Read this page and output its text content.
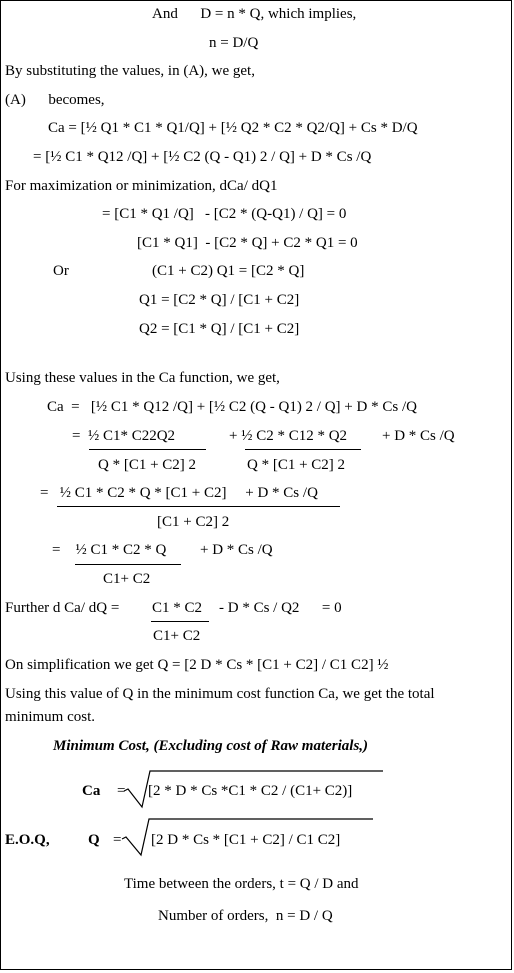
And      D = n * Q, which implies,
n = D/Q
By substituting the values, in (A), we get,
(A)      becomes,
Ca = [½ Q1 * C1 * Q1/Q] + [½ Q2 * C2 * Q2/Q] + Cs * D/Q
= [½ C1 * Q12 /Q] + [½ C2 (Q - Q1) 2 / Q] + D * Cs /Q
For maximization or minimization, dCa/ dQ1
= [C1 * Q1 /Q]   - [C2 * (Q-Q1) / Q] = 0
[C1 * Q1]  - [C2 * Q] + C2 * Q1 = 0
Or	(C1 + C2) Q1 = [C2 * Q]
Q1 = [C2 * Q] / [C1 + C2]
Q2 = [C1 * Q] / [C1 + C2]
Using these values in the Ca function, we get,
Ca  =   [½ C1 * Q12 /Q] + [½ C2 (Q - Q1) 2 / Q] + D * Cs /Q
=  ½ C1* C22Q2	+ ½ C2 * C12 * Q2 + D * Cs /Q
Q * [C1 + C2] 2	Q * [C1 + C2] 2
=   ½ C1 * C2 * Q * [C1 + C2]     + D * Cs /Q
[C1 + C2] 2
=    ½ C1 * C2 * Q + D * Cs /Q
C1+ C2
Further d Ca/ dQ = C1 * C2 - D * Cs / Q2      = 0
C1+ C2
On simplification we get Q = [2 D * Cs * [C1 + C2] / C1 C2] ½
Using this value of Q in the minimum cost function Ca, we get the total
minimum cost.
Minimum Cost, (Excluding cost of Raw materials,)
Ca = [2 * D * Cs *C1 * C2 / (C1+ C2)]
E.O.Q,	Q = [2 D * Cs * [C1 + C2] / C1 C2]
Time between the orders, t = Q / D and
Number of orders,  n = D / Q
